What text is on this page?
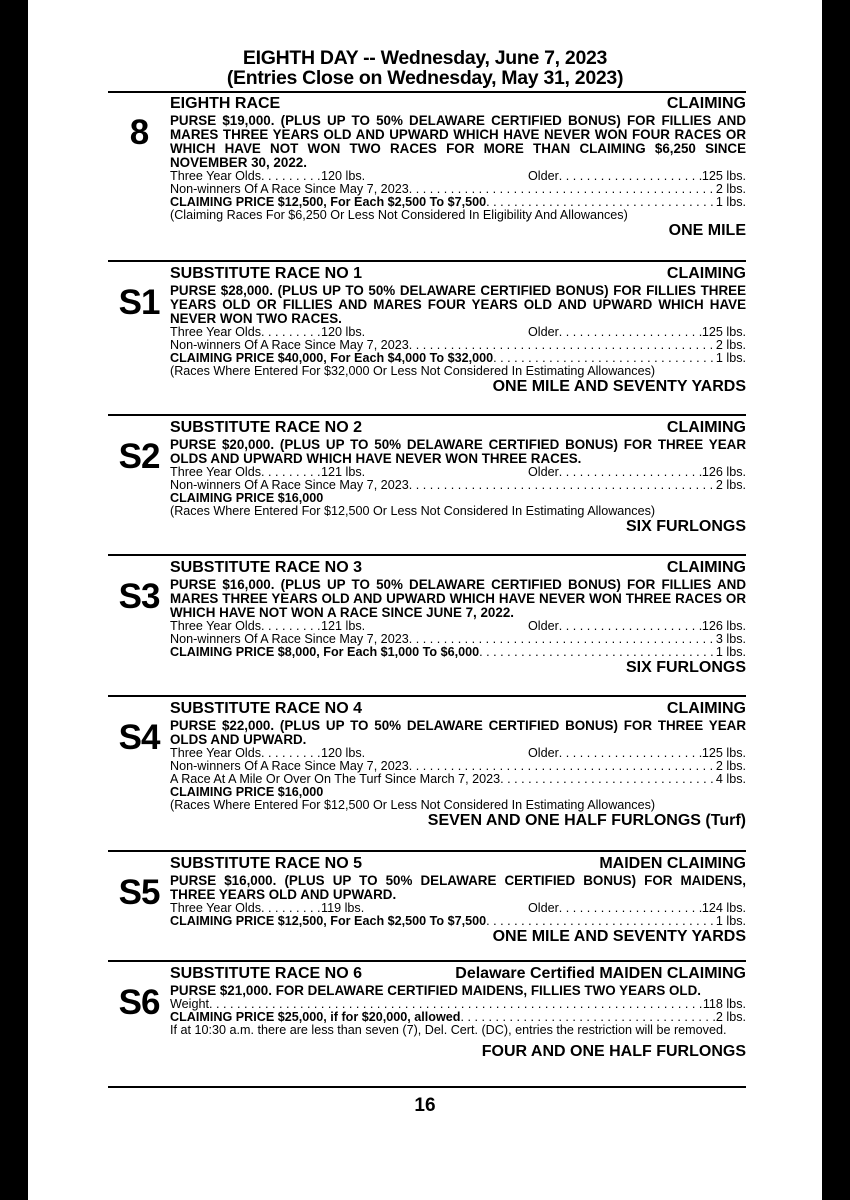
EIGHTH DAY -- Wednesday, June 7, 2023
(Entries Close on Wednesday, May 31, 2023)
8
EIGHTH RACE	CLAIMING
PURSE $19,000. (PLUS UP TO 50% DELAWARE CERTIFIED BONUS) FOR FILLIES AND MARES THREE YEARS OLD AND UPWARD WHICH HAVE NEVER WON FOUR RACES OR WHICH HAVE NOT WON TWO RACES FOR MORE THAN CLAIMING $6,250 SINCE NOVEMBER 30, 2022.
Three Year Olds . . .	120 lbs.	Older . . .	125 lbs.
Non-winners Of A Race Since May 7, 2023 . . .	2 lbs.
CLAIMING PRICE $12,500, For Each $2,500 To $7,500 . . .	1 lbs.
(Claiming Races For $6,250 Or Less Not Considered In Eligibility And Allowances)
ONE MILE
S1
SUBSTITUTE RACE NO 1	CLAIMING
PURSE $28,000. (PLUS UP TO 50% DELAWARE CERTIFIED BONUS) FOR FILLIES THREE YEARS OLD OR FILLIES AND MARES FOUR YEARS OLD AND UPWARD WHICH HAVE NEVER WON TWO RACES.
Three Year Olds . . .	120 lbs.	Older . . .	125 lbs.
Non-winners Of A Race Since May 7, 2023 . . .	2 lbs.
CLAIMING PRICE $40,000, For Each $4,000 To $32,000 . . .	1 lbs.
(Races Where Entered For $32,000 Or Less Not Considered In Estimating Allowances)
ONE MILE AND SEVENTY YARDS
S2
SUBSTITUTE RACE NO 2	CLAIMING
PURSE $20,000. (PLUS UP TO 50% DELAWARE CERTIFIED BONUS) FOR THREE YEAR OLDS AND UPWARD WHICH HAVE NEVER WON THREE RACES.
Three Year Olds . . .	121 lbs.	Older . . .	126 lbs.
Non-winners Of A Race Since May 7, 2023 . . .	2 lbs.
CLAIMING PRICE $16,000
(Races Where Entered For $12,500 Or Less Not Considered In Estimating Allowances)
SIX FURLONGS
S3
SUBSTITUTE RACE NO 3	CLAIMING
PURSE $16,000. (PLUS UP TO 50% DELAWARE CERTIFIED BONUS) FOR FILLIES AND MARES THREE YEARS OLD AND UPWARD WHICH HAVE NEVER WON THREE RACES OR WHICH HAVE NOT WON A RACE SINCE JUNE 7, 2022.
Three Year Olds . . .	121 lbs.	Older . . .	126 lbs.
Non-winners Of A Race Since May 7, 2023 . . .	3 lbs.
CLAIMING PRICE $8,000, For Each $1,000 To $6,000 . . .	1 lbs.
SIX FURLONGS
S4
SUBSTITUTE RACE NO 4	CLAIMING
PURSE $22,000. (PLUS UP TO 50% DELAWARE CERTIFIED BONUS) FOR THREE YEAR OLDS AND UPWARD.
Three Year Olds . . .	120 lbs.	Older . . .	125 lbs.
Non-winners Of A Race Since May 7, 2023 . . .	2 lbs.
A Race At A Mile Or Over On The Turf Since March 7, 2023 . . .	4 lbs.
CLAIMING PRICE $16,000
(Races Where Entered For $12,500 Or Less Not Considered In Estimating Allowances)
SEVEN AND ONE HALF FURLONGS (Turf)
S5
SUBSTITUTE RACE NO 5	MAIDEN CLAIMING
PURSE $16,000. (PLUS UP TO 50% DELAWARE CERTIFIED BONUS) FOR MAIDENS, THREE YEARS OLD AND UPWARD.
Three Year Olds . . .	119 lbs.	Older . . .	124 lbs.
CLAIMING PRICE $12,500, For Each $2,500 To $7,500 . . .	1 lbs.
ONE MILE AND SEVENTY YARDS
S6
SUBSTITUTE RACE NO 6	Delaware Certified MAIDEN CLAIMING
PURSE $21,000. FOR DELAWARE CERTIFIED MAIDENS, FILLIES TWO YEARS OLD.
Weight . . .	118 lbs.
CLAIMING PRICE $25,000, if for $20,000, allowed . . .	2 lbs.
If at 10:30 a.m. there are less than seven (7), Del. Cert. (DC), entries the restriction will be removed.
FOUR AND ONE HALF FURLONGS
16
